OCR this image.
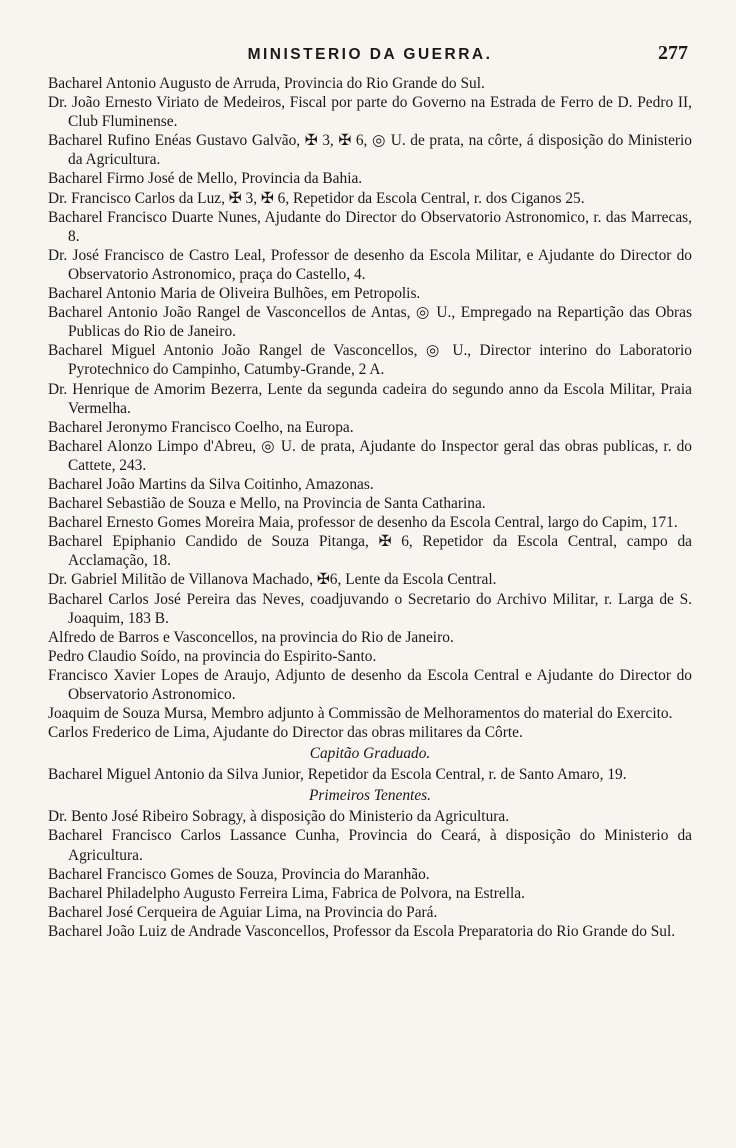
MINISTERIO DA GUERRA.	277
Bacharel Antonio Augusto de Arruda, Provincia do Rio Grande do Sul.
Dr. João Ernesto Viriato de Medeiros, Fiscal por parte do Governo na Estrada de Ferro de D. Pedro II, Club Fluminense.
Bacharel Rufino Enéas Gustavo Galvão, ✠ 3, ✠ 6, ◎ U. de prata, na côrte, á disposição do Ministerio da Agricultura.
Bacharel Firmo José de Mello, Provincia da Bahia.
Dr. Francisco Carlos da Luz, ✠ 3, ✠ 6, Repetidor da Escola Central, r. dos Ciganos 25.
Bacharel Francisco Duarte Nunes, Ajudante do Director do Observatorio Astronomico, r. das Marrecas, 8.
Dr. José Francisco de Castro Leal, Professor de desenho da Escola Militar, e Ajudante do Director do Observatorio Astronomico, praça do Castello, 4.
Bacharel Antonio Maria de Oliveira Bulhões, em Petropolis.
Bacharel Antonio João Rangel de Vasconcellos de Antas, ◎ U., Empregado na Repartição das Obras Publicas do Rio de Janeiro.
Bacharel Miguel Antonio João Rangel de Vasconcellos, ◎ U., Director interino do Laboratorio Pyrotechnico do Campinho, Catumby-Grande, 2 A.
Dr. Henrique de Amorim Bezerra, Lente da segunda cadeira do segundo anno da Escola Militar, Praia Vermelha.
Bacharel Jeronymo Francisco Coelho, na Europa.
Bacharel Alonzo Limpo d'Abreu, ◎ U. de prata, Ajudante do Inspector geral das obras publicas, r. do Cattete, 243.
Bacharel João Martins da Silva Coitinho, Amazonas.
Bacharel Sebastião de Souza e Mello, na Provincia de Santa Catharina.
Bacharel Ernesto Gomes Moreira Maia, professor de desenho da Escola Central, largo do Capim, 171.
Bacharel Epiphanio Candido de Souza Pitanga, ✠ 6, Repetidor da Escola Central, campo da Acclamação, 18.
Dr. Gabriel Militão de Villanova Machado, ✠6, Lente da Escola Central.
Bacharel Carlos José Pereira das Neves, coadjuvando o Secretario do Archivo Militar, r. Larga de S. Joaquim, 183 B.
Alfredo de Barros e Vasconcellos, na provincia do Rio de Janeiro.
Pedro Claudio Soído, na provincia do Espirito-Santo.
Francisco Xavier Lopes de Araujo, Adjunto de desenho da Escola Central e Ajudante do Director do Observatorio Astronomico.
Joaquim de Souza Mursa, Membro adjunto à Commissão de Melhoramentos do material do Exercito.
Carlos Frederico de Lima, Ajudante do Director das obras militares da Côrte.
Capitão Graduado.
Bacharel Miguel Antonio da Silva Junior, Repetidor da Escola Central, r. de Santo Amaro, 19.
Primeiros Tenentes.
Dr. Bento José Ribeiro Sobragy, à disposição do Ministerio da Agricultura.
Bacharel Francisco Carlos Lassance Cunha, Provincia do Ceará, à disposição do Ministerio da Agricultura.
Bacharel Francisco Gomes de Souza, Provincia do Maranhão.
Bacharel Philadelpho Augusto Ferreira Lima, Fabrica de Polvora, na Estrella.
Bacharel José Cerqueira de Aguiar Lima, na Provincia do Pará.
Bacharel João Luiz de Andrade Vasconcellos, Professor da Escola Preparatoria do Rio Grande do Sul.
